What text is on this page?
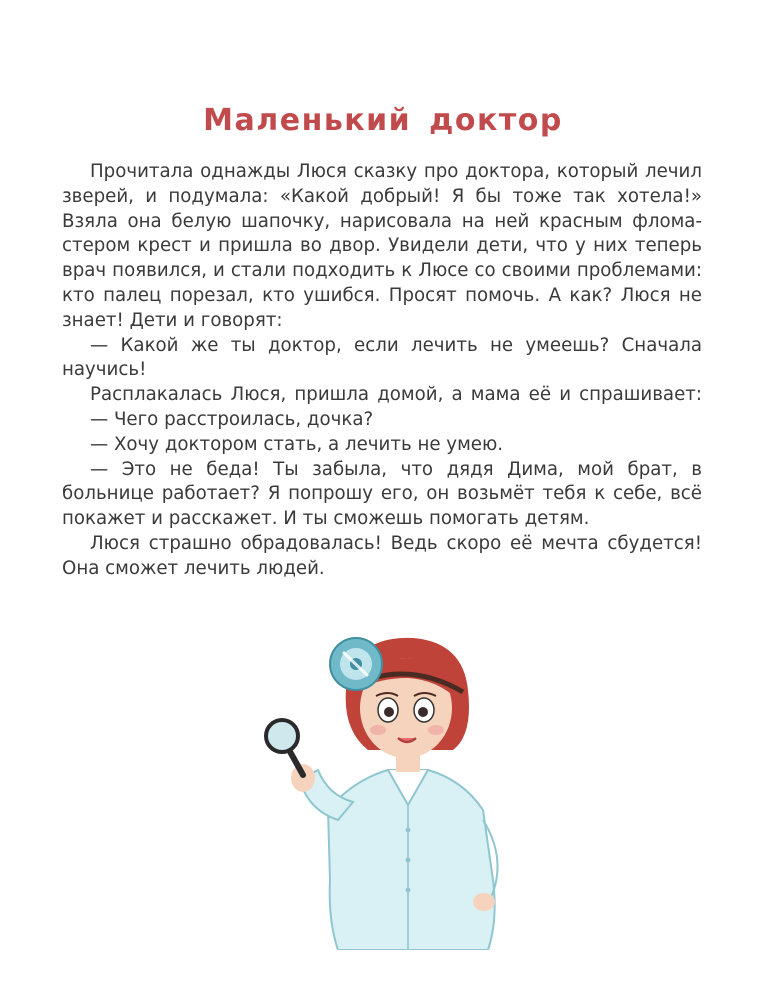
Маленький доктор

Прочитала однажды Люся сказку про доктора, который лечил

зверей, и подумала: «Какой добрый! Я бы тоже так хотела!»

Взяла она белую шапочку, нарисовала на ней красным флома-

стером крест и пришла во двор. Увидели дети, что у них теперь

врач появился, и стали подходить к Люсе со своими проблемами:

кто палец порезал, кто ушибся. Просят помочь. А как? Люся не

знает! Дети и говорят:

— Какой же ты доктор, если лечить не умеешь? Сначала

научись!

Расплакалась Люся, пришла домой, а мама её и спрашивает:

— Чего расстроилась, дочка?

— Хочу доктором стать, а лечить не умею.

— Это не беда! Ты забыла, что дядя Дима, мой брат, в

больнице работает? Я попрошу его, он возьмёт тебя к себе, всё

покажет и расскажет. И ты сможешь помогать детям.

Люся страшно обрадовалась! Ведь скоро её мечта сбудется!

Она сможет лечить людей.
